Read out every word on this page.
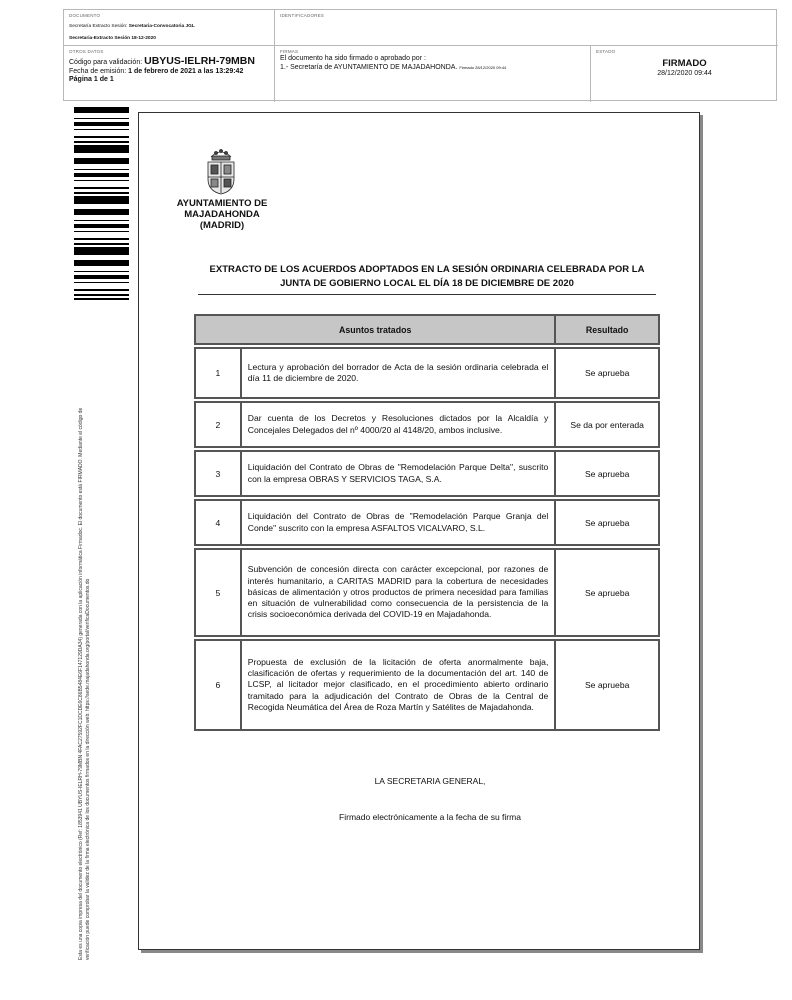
DOCUMENTO
Secretaría Extracto Sesión: Secretaria-Convocatoria JGL
Secretaria-Extracto Sesión 18-12-2020
IDENTIFICADORES
OTROS DATOS
Código para validación: UBYUS-IELRH-79MBN
Fecha de emisión: 1 de febrero de 2021 a las 13:29:42
Página 1 de 1
FIRMAS
El documento ha sido firmado o aprobado por :
1.- Secretaría de AYUNTAMIENTO DE MAJADAHONDA. Firmado 28/12/2020 09:44
ESTADO
FIRMADO
28/12/2020 09:44
Esta es una copia impresa del documento electrónico (Ref: 1853941 UBYUS-IELRH-79MBN 4FAC27592FC1DCDE6C86B5484E6F147129DA34) generada con la aplicación informática Firmadoc. El documento está FIRMADO. Mediante el código de verificación puede comprobar la validez de la firma electrónica de los documentos firmados en la dirección web: https://sede.majadahonda.org/portal/verificaDocumentos.do
AYUNTAMIENTO DE
MAJADAHONDA
(MADRID)
EXTRACTO DE LOS ACUERDOS ADOPTADOS EN LA SESIÓN ORDINARIA CELEBRADA POR LA JUNTA DE GOBIERNO LOCAL EL DÍA 18 DE DICIEMBRE DE 2020
Asuntos tratados		Resultado

1	Lectura y aprobación del borrador de Acta de la sesión ordinaria celebrada el día 11 de diciembre de 2020.	Se aprueba

2	Dar cuenta de los Decretos y Resoluciones dictados por la Alcaldía y Concejales Delegados del nº 4000/20 al 4148/20, ambos inclusive.	Se da por enterada

3	Liquidación del Contrato de Obras de "Remodelación Parque Delta", suscrito con la empresa OBRAS Y SERVICIOS TAGA, S.A.	Se aprueba

4	Liquidación del Contrato de Obras de "Remodelación Parque Granja del Conde" suscrito con la empresa ASFALTOS VICALVARO, S.L.	Se aprueba

5	Subvención de concesión directa con carácter excepcional, por razones de interés humanitario, a CARITAS MADRID para la cobertura de necesidades básicas de alimentación y otros productos de primera necesidad para familias en situación de vulnerabilidad como consecuencia de la persistencia de la crisis socioeconómica derivada del COVID-19 en Majadahonda.	Se aprueba

6	Propuesta de exclusión de la licitación de oferta anormalmente baja, clasificación de ofertas y requerimiento de la documentación del art. 140 de LCSP, al licitador mejor clasificado, en el procedimiento abierto ordinario tramitado para la adjudicación del Contrato de Obras de la Central de Recogida Neumática del Área de Roza Martín y Satélites de Majadahonda.	Se aprueba
LA SECRETARIA GENERAL,
Firmado electrónicamente a la fecha de su firma
